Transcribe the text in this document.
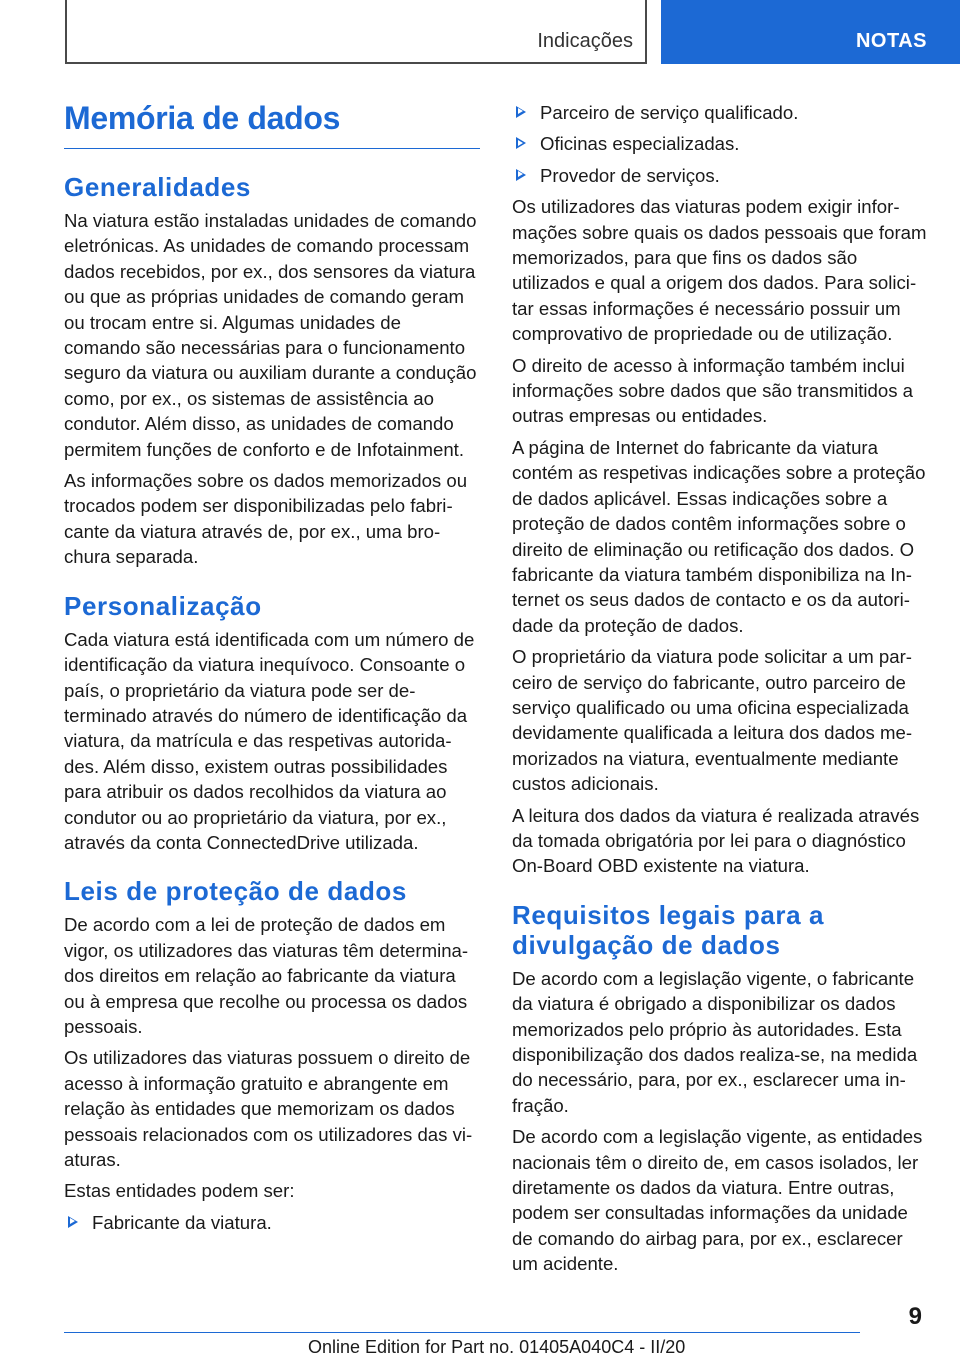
Indicações	NOTAS
Memória de dados
Generalidades

Na viatura estão instaladas unidades de comando eletrónicas. As unidades de comando processam dados recebidos, por ex., dos sensores da viatura ou que as próprias unidades de comando geram ou trocam entre si. Algumas unidades de comando são necessárias para o funcionamento seguro da viatura ou auxiliam durante a condução como, por ex., os sistemas de assistência ao condutor. Além disso, as unidades de comando permitem funções de conforto e de Infotainment.

As informações sobre os dados memorizados ou trocados podem ser disponibilizadas pelo fabricante da viatura através de, por ex., uma brochura separada.

Personalização

Cada viatura está identificada com um número de identificação da viatura inequívoco. Consoante o país, o proprietário da viatura pode ser determinado através do número de identificação da viatura, da matrícula e das respetivas autoridades. Além disso, existem outras possibilidades para atribuir os dados recolhidos da viatura ao condutor ou ao proprietário da viatura, por ex., através da conta ConnectedDrive utilizada.

Leis de proteção de dados

De acordo com a lei de proteção de dados em vigor, os utilizadores das viaturas têm determinados direitos em relação ao fabricante da viatura ou à empresa que recolhe ou processa os dados pessoais.

Os utilizadores das viaturas possuem o direito de acesso à informação gratuito e abrangente em relação às entidades que memorizam os dados pessoais relacionados com os utilizadores das viaturas.

Estas entidades podem ser:

Fabricante da viatura.
Parceiro de serviço qualificado.
Oficinas especializadas.
Provedor de serviços.

Os utilizadores das viaturas podem exigir informações sobre quais os dados pessoais que foram memorizados, para que fins os dados são utilizados e qual a origem dos dados. Para solicitar essas informações é necessário possuir um comprovativo de propriedade ou de utilização.

O direito de acesso à informação também inclui informações sobre dados que são transmitidos a outras empresas ou entidades.

A página de Internet do fabricante da viatura contém as respetivas indicações sobre a proteção de dados aplicável. Essas indicações sobre a proteção de dados contêm informações sobre o direito de eliminação ou retificação dos dados. O fabricante da viatura também disponibiliza na Internet os seus dados de contacto e os da autoridade da proteção de dados.

O proprietário da viatura pode solicitar a um parceiro de serviço do fabricante, outro parceiro de serviço qualificado ou uma oficina especializada devidamente qualificada a leitura dos dados memorizados na viatura, eventualmente mediante custos adicionais.

A leitura dos dados da viatura é realizada através da tomada obrigatória por lei para o diagnóstico On-Board OBD existente na viatura.

Requisitos legais para a divulgação de dados

De acordo com a legislação vigente, o fabricante da viatura é obrigado a disponibilizar os dados memorizados pelo próprio às autoridades. Esta disponibilização dos dados realiza-se, na medida do necessário, para, por ex., esclarecer uma infração.

De acordo com a legislação vigente, as entidades nacionais têm o direito de, em casos isolados, ler diretamente os dados da viatura. Entre outras, podem ser consultadas informações da unidade de comando do airbag para, por ex., esclarecer um acidente.

9
Online Edition for Part no. 01405A040C4 - II/20
